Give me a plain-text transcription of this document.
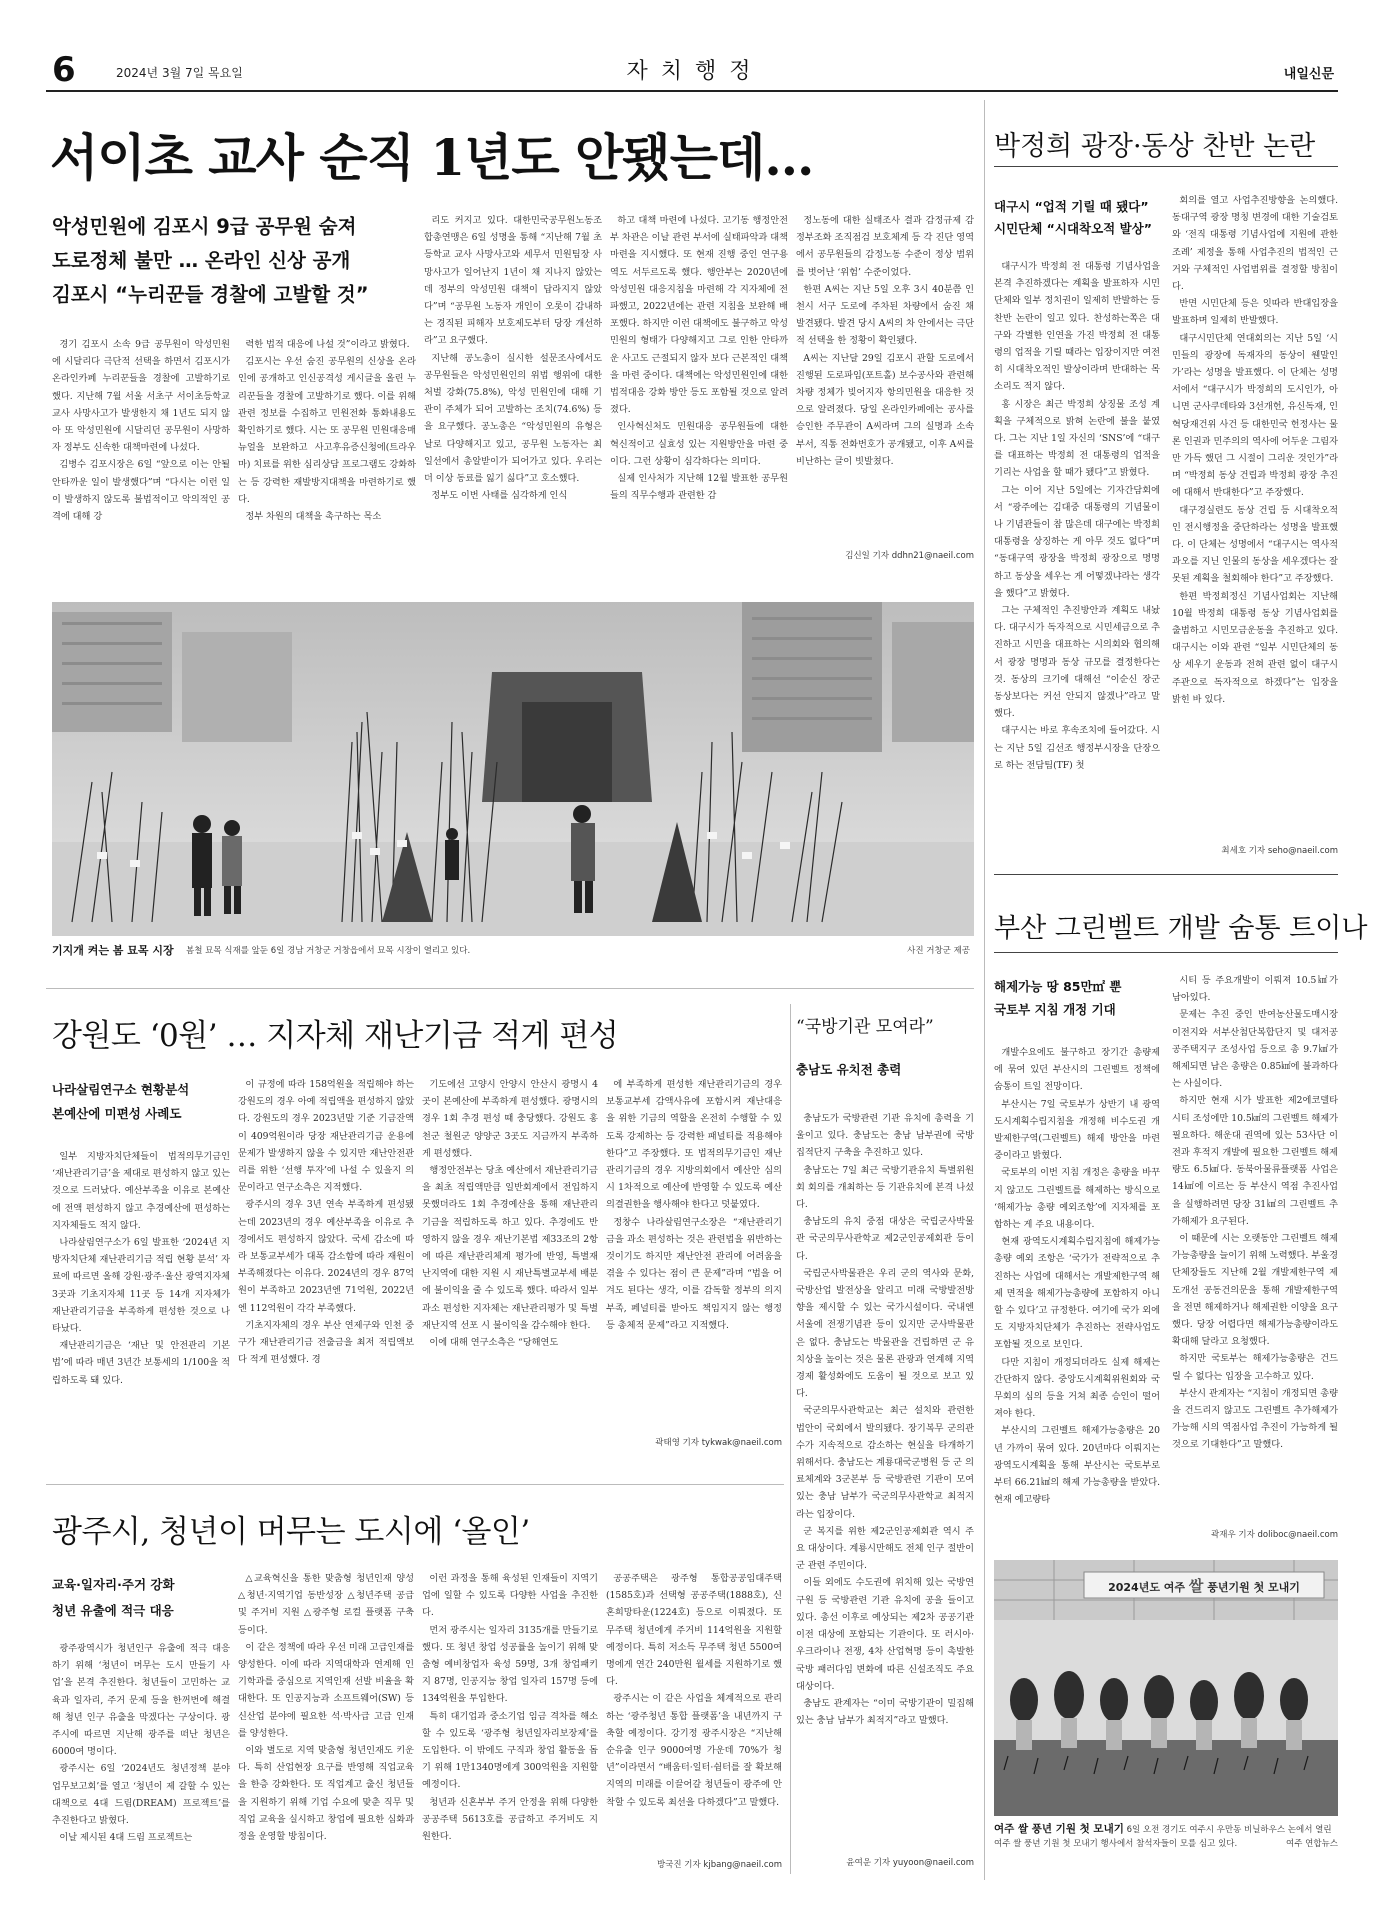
6	2024년 3월 7일 목요일	자 치 행 정	내일신문
서이초 교사 순직 1년도 안됐는데…
악성민원에 김포시 9급 공무원 숨져
도로정체 불만 … 온라인 신상 공개
김포시 “누리꾼들 경찰에 고발할 것”

경기 김포시 소속 9급 공무원이 악성민원에 시달리다 극단적 선택을 하면서 김포시가 온라인카페 누리꾼들을 경찰에 고발하기로 했다. 지난해 7월 서울 서초구 서이초등학교 교사 사망사고가 발생한지 채 1년도 되지 않아 또 악성민원에 시달리던 공무원이 사망하자 정부도 신속한 대책마련에 나섰다.

김병수 김포시장은 6일 “앞으로 이는 안될 안타까운 일이 발생했다”며 “다시는 이런 일이 발생하지 않도록 불법적이고 악의적인 공격에 대해 강

력한 법적 대응에 나설 것”이라고 밝혔다.

김포시는 우선 숨진 공무원의 신상을 온라인에 공개하고 인신공격성 게시글을 올린 누리꾼들을 경찰에 고발하기로 했다. 이를 위해 관련 정보를 수집하고 민원전화 통화내용도 확인하기로 했다. 시는 또 공무원 민원대응매뉴얼을 보완하고 사고후유증신청에(트라우마) 치료를 위한 심리상담 프로그램도 강화하는 등 강력한 재발방지대책을 마련하기로 했다.

정부 차원의 대책을 촉구하는 목소

리도 커지고 있다. 대한민국공무원노동조합총연맹은 6일 성명을 통해 “지난해 7월 초등학교 교사 사망사고와 세무서 민원팀장 사망사고가 일어난지 1년이 채 지나지 않았는데 정부의 악성민원 대책이 답라지지 않았다”며 “공무원 노동자 개인이 오롯이 감내하는 경직된 피해자 보호제도부터 당장 개선하라”고 요구했다.

지난해 공노총이 실시한 설문조사에서도 공무원들은 악성민원인의 위법 행위에 대한 처벌 강화(75.8%), 악성 민원인에 대해 기관이 주체가 되어 고발하는 조치(74.6%) 등을 요구했다. 공노총은 “악성민원의 유형은 날로 다양해지고 있고, 공무원 노동자는 최 일선에서 총알받이가 되어가고 있다. 우리는 더 이상 동료를 잃기 싫다”고 호소했다.

정부도 이번 사태를 심각하게 인식

하고 대책 마련에 나섰다. 고기동 행정안전부 차관은 이날 관련 부서에 실태파악과 대책 마련을 지시했다. 또 현재 진행 중인 연구용역도 서두르도록 했다. 행안부는 2020년에 악성민원 대응지침을 마련해 각 지자체에 전파했고, 2022년에는 관련 지침을 보완해 배포했다. 하지만 이런 대책에도 불구하고 악성민원의 형태가 다양해지고 그로 인한 안타까운 사고도 근절되지 않자 보다 근본적인 대책을 마련 중이다. 대책에는 악성민원인에 대한 법적대응 강화 방안 등도 포함될 것으로 알려졌다.

인사혁신처도 민원대응 공무원들에 대한 혁신적이고 실효성 있는 지원방안을 마련 중이다. 그런 상황이 심각하다는 의미다.

실제 인사처가 지난해 12월 발표한 공무원들의 직무수행과 관련한 감

정노동에 대한 실태조사 결과 감정규제 감정부조화 조직점검 보호체계 등 각 진단 영역에서 공무원들의 감정노동 수준이 정상 범위를 벗어난 ‘위험’ 수준이었다.

한편 A씨는 지난 5일 오후 3시 40분쯤 인천시 서구 도로에 주차된 차량에서 숨진 채 발견됐다. 발견 당시 A씨의 차 안에서는 극단적 선택을 한 정황이 확인됐다.

A씨는 지난달 29일 김포시 관할 도로에서 진행된 도로파임(포트홀) 보수공사와 관련해 차량 정체가 빚어지자 항의민원을 대응한 것으로 알려졌다. 당일 온라인카페에는 공사를 승인한 주무관이 A씨라며 그의 실명과 소속 부서, 직통 전화번호가 공개됐고, 이후 A씨를 비난하는 글이 빗발쳤다.

김신일 기자 ddhn21@naeil.com
기지개 켜는 봄 묘목 시장 봄철 묘목 식재를 앞둔 6일 경남 거창군 거창읍에서 묘목 시장이 열리고 있다.	사진 거창군 제공
박정희 광장·동상 찬반 논란
대구시 “업적 기릴 때 됐다”
시민단체 “시대착오적 발상”

대구시가 박정희 전 대통령 기념사업을 본격 추진하겠다는 계획을 발표하자 시민단체와 일부 정치권이 일제히 반발하는 등 찬반 논란이 일고 있다. 찬성하는쪽은 대구와 각별한 인연을 가진 박정희 전 대통령의 업적을 기릴 때라는 입장이지만 여전히 시대착오적인 발상이라며 반대하는 목소리도 적지 않다.

홍 시장은 최근 박정희 상징물 조성 계획을 구체적으로 밝혀 논란에 불을 붙였다. 그는 지난 1일 자신의 ‘SNS’에 “대구를 대표하는 박정희 전 대통령의 업적을 기리는 사업을 할 때가 됐다”고 밝혔다.

그는 이어 지난 5일에는 기자간담회에서 “광주에는 김대중 대통령의 기념물이나 기념관들이 참 많은데 대구에는 박정희 대통령을 상징하는 게 아무 것도 없다”며 “동대구역 광장을 박정희 광장으로 명명하고 동상을 세우는 게 어떻겠냐라는 생각을 했다”고 밝혔다.

그는 구체적인 추진방안과 계획도 내놨다. 대구시가 독자적으로 시민세금으로 추진하고 시민을 대표하는 시의회와 협의해서 광장 명명과 동상 규모를 결정한다는 것. 동상의 크기에 대해선 “이순신 장군 동상보다는 커선 안되지 않겠나”라고 말했다.

대구시는 바로 후속조치에 들어갔다. 시는 지난 5일 김선조 행정부시장을 단장으로 하는 전담팀(TF) 첫

회의를 열고 사업추진방향을 논의했다. 동대구역 광장 명칭 변경에 대한 기술검토와 ‘전직 대통령 기념사업에 지원에 관한 조례’ 제정을 통해 사업추진의 법적인 근거와 구체적인 사업범위를 결정할 방침이다.

반면 시민단체 등은 잇따라 반대입장을 발표하며 일제히 반발했다.

대구시민단체 연대회의는 지난 5일 ‘시민들의 광장에 독재자의 동상이 웬말인가’라는 성명을 발표했다. 이 단체는 성명서에서 “대구시가 박정희의 도시인가, 아니면 군사쿠데타와 3선개헌, 유신독재, 인혁당재건위 사건 등 대한민국 헌정사는 물론 인권과 민주의의 역사에 어두운 그림자만 가득 했던 그 시절이 그리운 것인가”라며 “박정희 동상 건립과 박정희 광장 추진에 대해서 반대한다”고 주장했다.

대구경실련도 동상 건립 등 시대착오적인 전시행정을 중단하라는 성명을 발표했다. 이 단체는 성명에서 “대구시는 역사적 과오를 지닌 인물의 동상을 세우겠다는 잘못된 계획을 철회해야 한다”고 주장했다.

한편 박정희정신 기념사업회는 지난해 10월 박정희 대통령 동상 기념사업회를 출범하고 시민모금운동을 추진하고 있다. 대구시는 이와 관련 “일부 시민단체의 동상 세우기 운동과 전혀 관련 없이 대구시 주관으로 독자적으로 하겠다”는 입장을 밝힌 바 있다.

최세호 기자 seho@naeil.com
부산 그린벨트 개발 숨통 트이나
해제가능 땅 85만㎡ 뿐
국토부 지침 개정 기대

개발수요에도 불구하고 장기간 총량제에 묶여 있던 부산시의 그린벨트 정책에 숨통이 트일 전망이다.

부산시는 7일 국토부가 상반기 내 광역도시계획수립지침을 개정해 비수도권 개발제한구역(그린벨트) 해제 방안을 마련 중이라고 밝혔다.

국토부의 이번 지침 개정은 총량을 바꾸지 않고도 그린벨트를 해제하는 방식으로 ‘해제가능 총량 예외조항’에 지자체를 포함하는 게 주요 내용이다.

현재 광역도시계획수립지침에 해제가능총량 예외 조항은 ‘국가가 전략적으로 추진하는 사업에 대해서는 개발제한구역 해제 면적을 해제가능총량에 포함하지 아니할 수 있다’고 규정한다. 여기에 국가 외에도 지방자치단체가 추진하는 전략사업도 포함될 것으로 보인다.

다만 지침이 개정되더라도 실제 해제는 간단하지 않다. 중앙도시계획위원회와 국무회의 심의 등을 거쳐 최종 승인이 떨어져야 한다.

부산시의 그린벨트 해제가능총량은 20년 가까이 묶여 있다. 20년마다 이뤄지는 광역도시계획을 통해 부산시는 국토부로부터 66.21㎢의 해제 가능총량을 받았다. 현재 예고량타

시티 등 주요개발이 이뤄져 10.5㎢가 남아있다.

문제는 추진 중인 반여농산물도매시장 이전지와 서부산첨단복합단지 및 대저공공주택지구 조성사업 등으로 총 9.7㎢가 해제되면 남은 총량은 0.85㎢에 불과하다는 사실이다.

하지만 현재 시가 발표한 제2에코델타시티 조성에만 10.5㎢의 그린벨트 해제가 필요하다. 해운대 권역에 있는 53사단 이전과 후적지 개발에 필요한 그린벨트 해제량도 6.5㎢다. 동북아물류플랫폼 사업은 14㎢에 이르는 등 부산시 역점 추진사업을 실행하려면 당장 31㎢의 그린벨트 추가해제가 요구된다.

이 때문에 시는 오랫동안 그린벨트 해제가능총량을 늘이기 위해 노력했다. 부울경 단체장들도 지난해 2월 개발제한구역 제도개선 공동건의문을 통해 개발제한구역을 전면 해제하거나 해제권한 이양을 요구했다. 당장 어렵다면 해제가능총량이라도 확대해 달라고 요청했다.

하지만 국토부는 해제가능총량은 건드릴 수 없다는 입장을 고수하고 있다.

부산시 관계자는 “지침이 개정되면 총량을 건드리지 않고도 그린벨트 추가해제가 가능해 시의 역점사업 추진이 가능하게 될 것으로 기대한다”고 말했다.

곽재우 기자 doliboc@naeil.com
2024년도 여주 쌀 풍년기원 첫 모내기
여주 쌀 풍년 기원 첫 모내기 6일 오전 경기도 여주시 우만동 비닐하우스 논에서 열린 여주 쌀 풍년 기원 첫 모내기 행사에서 참석자들이 모를 심고 있다.	여주 연합뉴스
강원도 ‘0원’ … 지자체 재난기금 적게 편성
나라살림연구소 현황분석
본예산에 미편성 사례도

일부 지방자치단체들이 법적의무기금인 ‘재난관리기금’을 제대로 편성하지 않고 있는 것으로 드러났다. 예산부족을 이유로 본예산에 전액 편성하지 않고 추경예산에 편성하는 지자체들도 적지 않다.

나라살림연구소가 6일 발표한 ‘2024년 지방자치단체 재난관리기금 적립 현황 분석’ 자료에 따르면 올해 강원·광주·울산 광역지자체 3곳과 기초지자체 11곳 등 14개 지자체가 재난관리기금을 부족하게 편성한 것으로 나타났다.

재난관리기금은 ‘재난 및 안전관리 기본법’에 따라 매년 3년간 보통세의 1/100을 적립하도록 돼 있다.

이 규정에 따라 158억원을 적립해야 하는 강원도의 경우 아예 적립액을 편성하지 않았다. 강원도의 경우 2023년말 기준 기금잔액이 409억원이라 당장 재난관리기금 운용에 문제가 발생하지 않을 수 있지만 재난안전관리를 위한 ‘선행 투자’에 나설 수 있을지 의문이라고 연구소측은 지적했다.

광주시의 경우 3년 연속 부족하게 편성됐는데 2023년의 경우 예산부족을 이유로 추경에서도 편성하지 않았다. 국세 감소에 따라 보통교부세가 대폭 감소함에 따라 재원이 부족해졌다는 이유다. 2024년의 경우 87억원이 부족하고 2023년엔 71억원, 2022년엔 112억원이 각각 부족했다.

기초지자체의 경우 부산 연제구와 인천 중구가 재난관리기금 전출금을 최저 적립액보다 적게 편성했다. 경

기도에선 고양시 안양시 안산시 광명시 4곳이 본예산에 부족하게 편성했다. 광명시의 경우 1회 추경 편성 때 충당했다. 강원도 홍천군 철원군 양양군 3곳도 지금까지 부족하게 편성했다.

행정안전부는 당초 예산에서 재난관리기금을 최초 적립액만큼 일반회계에서 전입하지 못했더라도 1회 추경예산을 통해 재난관리기금을 적립하도록 하고 있다. 추경에도 반영하지 않을 경우 재난기본법 제33조의 2항에 따른 재난관리체계 평가에 반영, 특별재난지역에 대한 지원 시 재난특별교부세 배분에 불이익을 줄 수 있도록 했다. 따라서 일부 과소 편성한 지자체는 재난관리평가 및 특별재난지역 선포 시 불이익을 감수해야 한다.

이에 대해 연구소측은 “당해연도

에 부족하게 편성한 재난관리기금의 경우 보통교부세 감액사유에 포함시켜 재난대응을 위한 기금의 역할을 온전히 수행할 수 있도록 강제하는 등 강력한 패널티를 적용해야 한다”고 주장했다. 또 법적의무기금인 재난관리기금의 경우 지방의회에서 예산안 심의 시 1차적으로 예산에 반영할 수 있도록 예산의결권한을 행사해야 한다고 덧붙였다.

정창수 나라살림연구소장은 “재난관리기금을 과소 편성하는 것은 관련법을 위반하는 것이기도 하지만 재난안전 관리에 어려움을 겪을 수 있다는 점이 큰 문제”라며 “법을 어겨도 된다는 생각, 이를 감독할 정부의 의지부족, 페널티를 받아도 책임지지 않는 행정 등 총체적 문제”라고 지적했다.

곽태영 기자 tykwak@naeil.com
“국방기관 모여라”
충남도 유치전 총력

충남도가 국방관련 기관 유치에 총력을 기울이고 있다. 충남도는 충남 남부권에 국방 집적단지 구축을 추진하고 있다.

충남도는 7일 최근 국방기관유치 특별위원회 회의를 개최하는 등 기관유치에 본격 나섰다.

충남도의 유치 중점 대상은 국립군사박물관 국군의무사관학교 제2군인공제회관 등이다.

국립군사박물관은 우리 군의 역사와 문화, 국방산업 발전상을 알리고 미래 국방발전방향을 제시할 수 있는 국가시설이다. 국내엔 서울에 전쟁기념관 등이 있지만 군사박물관은 없다. 충남도는 박물관을 건립하면 군 유치상을 높이는 것은 물론 관광과 연계해 지역경제 활성화에도 도움이 될 것으로 보고 있다.

국군의무사관학교는 최근 설치와 관련한 법안이 국회에서 발의됐다. 장기복무 군의관 수가 지속적으로 감소하는 현실을 타개하기 위해서다. 충남도는 계룡대국군병원 등 군 의료체계와 3군본부 등 국방관련 기관이 모여 있는 충남 남부가 국군의무사관학교 최적지라는 입장이다.

군 복지를 위한 제2군인공제회관 역시 주요 대상이다. 계룡시만해도 전체 인구 절반이 군 관련 주민이다.

이들 외에도 수도권에 위치해 있는 국방연구원 등 국방관련 기관 유치에 공을 들이고 있다. 총선 이후로 예상되는 제2차 공공기관 이전 대상에 포함되는 기관이다. 또 러시아·우크라이나 전쟁, 4차 산업혁명 등이 촉발한 국방 패러다임 변화에 따른 신설조직도 주요 대상이다.

충남도 관계자는 “이미 국방기관이 밀집해 있는 충남 남부가 최적지”라고 말했다.

윤여운 기자 yuyoon@naeil.com
광주시, 청년이 머무는 도시에 ‘올인’
교육·일자리·주거 강화
청년 유출에 적극 대응

광주광역시가 청년인구 유출에 적극 대응하기 위해 ‘청년이 머무는 도시 만들기 사업’을 본격 추진한다. 청년들이 고민하는 교육과 일자리, 주거 문제 등을 한꺼번에 해결해 청년 인구 유출을 막겠다는 구상이다. 광주시에 따르면 지난해 광주를 떠난 청년은 6000여 명이다.

광주시는 6일 ‘2024년도 청년정책 분야 업무보고회’를 열고 ‘청년이 제 갈할 수 있는 대책으로 4대 드림(DREAM) 프로젝트’를 추진한다고 밝혔다.

이날 제시된 4대 드림 프로젝트는

△교육혁신을 통한 맞춤형 청년인재 양성 △청년·지역기업 동반성장 △청년주택 공급 및 주거비 지원 △광주형 로컬 플랫폼 구축 등이다.

이 같은 정책에 따라 우선 미래 고급인재를 양성한다. 이에 따라 지역대학과 연계해 인기학과를 중심으로 지역인재 선발 비율을 확대한다. 또 인공지능과 소프트웨어(SW) 등 신산업 분야에 필요한 석·박사급 고급 인재를 양성한다.

이와 별도로 지역 맞춤형 청년인재도 키운다. 특히 산업현장 요구를 반영해 직업교육을 한층 강화한다. 또 직업계고 출신 청년들을 지원하기 위해 기업 수요에 맞춘 직무 및 직업 교육을 실시하고 창업에 필요한 심화과정을 운영할 방침이다.

이런 과정을 통해 육성된 인재들이 지역기업에 일할 수 있도록 다양한 사업을 추진한다.

먼저 광주시는 일자리 3135개를 만들기로 했다. 또 청년 창업 성공률을 높이기 위해 맞춤형 예비창업자 육성 59명, 3개 창업패키지 87명, 인공지능 창업 일자리 157명 등에 134억원을 투입한다.

특히 대기업과 중소기업 임금 격차를 해소할 수 있도록 ‘광주형 청년일자리보장제’를 도입한다. 이 밖에도 구직과 창업 활동을 돕기 위해 1만1340명에게 300억원을 지원할 예정이다.

청년과 신혼부부 주거 안정을 위해 다양한 공공주택 5613호를 공급하고 주거비도 지원한다.

공공주택은 광주형 통합공공임대주택(1585호)과 선택형 공공주택(1888호), 신혼희망타운(1224호) 등으로 이뤄졌다. 또 무주택 청년에게 주거비 114억원을 지원할 예정이다. 특히 저소득 무주택 청년 5500여명에게 연간 240만원 월세를 지원하기로 했다.

광주시는 이 같은 사업을 체계적으로 관리하는 ‘광주청년 통합 플랫폼’을 내년까지 구축할 예정이다. 강기정 광주시장은 “지난해 순유출 인구 9000여명 가운데 70%가 청년”이라면서 “배움터·일터·쉼터를 잘 확보해 지역의 미래를 이끌어갈 청년들이 광주에 안착할 수 있도록 최선을 다하겠다”고 말했다.

방국진 기자 kjbang@naeil.com
